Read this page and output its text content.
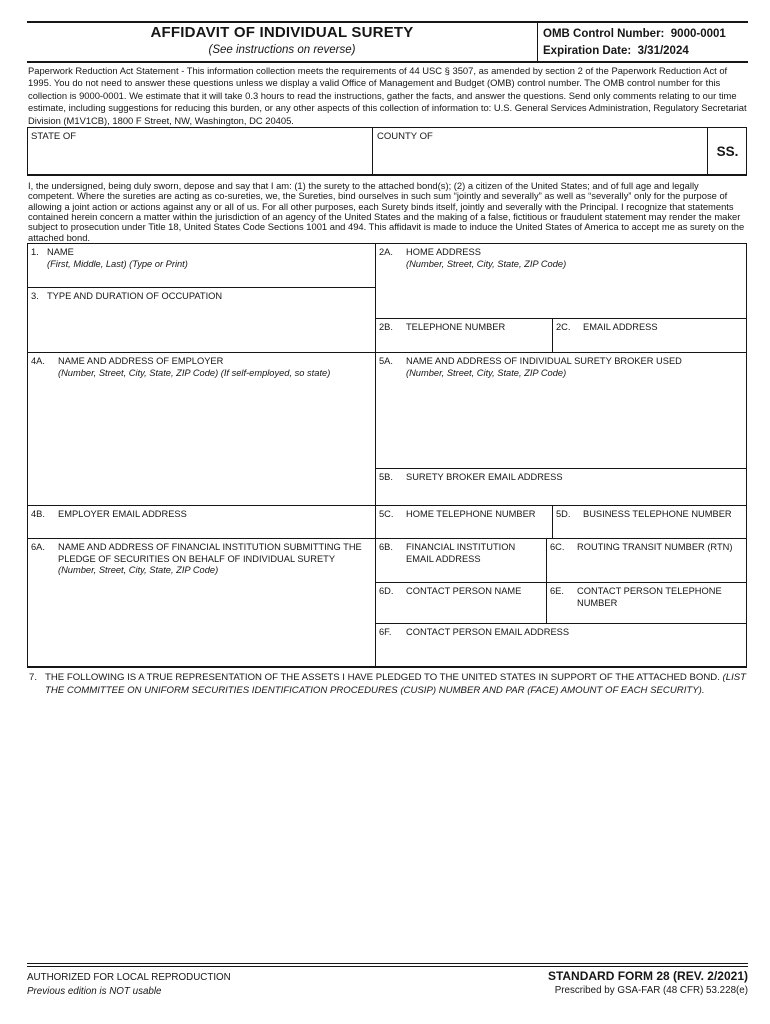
AFFIDAVIT OF INDIVIDUAL SURETY
(See instructions on reverse)
OMB Control Number: 9000-0001
Expiration Date: 3/31/2024
Paperwork Reduction Act Statement - This information collection meets the requirements of 44 USC § 3507, as amended by section 2 of the Paperwork Reduction Act of 1995. You do not need to answer these questions unless we display a valid Office of Management and Budget (OMB) control number. The OMB control number for this collection is 9000-0001. We estimate that it will take 0.3 hours to read the instructions, gather the facts, and answer the questions. Send only comments relating to our time estimate, including suggestions for reducing this burden, or any other aspects of this collection of information to: U.S. General Services Administration, Regulatory Secretariat Division (M1V1CB), 1800 F Street, NW, Washington, DC 20405.
STATE OF	COUNTY OF
SS.
I, the undersigned, being duly sworn, depose and say that I am: (1) the surety to the attached bond(s); (2) a citizen of the United States; and of full age and legally competent. Where the sureties are acting as co-sureties, we, the Sureties, bind ourselves in such sum “jointly and severally” as well as “severally” only for the purpose of allowing a joint action or actions against any or all of us. For all other purposes, each Surety binds itself, jointly and severally with the Principal. I recognize that statements contained herein concern a matter within the jurisdiction of an agency of the United States and the making of a false, fictitious or fraudulent statement may render the maker subject to prosecution under Title 18, United States Code Sections 1001 and 494. This affidavit is made to induce the United States of America to accept me as surety on the attached bond.
1. NAME
(First, Middle, Last) (Type or Print)
3. TYPE AND DURATION OF OCCUPATION
4A.	NAME AND ADDRESS OF EMPLOYER
(Number, Street, City, State, ZIP Code) (If self-employed, so state)
4B.	EMPLOYER EMAIL ADDRESS
6A.	NAME AND ADDRESS OF FINANCIAL INSTITUTION SUBMITTING THE PLEDGE OF SECURITIES ON BEHALF OF INDIVIDUAL SURETY
(Number, Street, City, State, ZIP Code)
2A.	HOME ADDRESS
(Number, Street, City, State, ZIP Code)
2B.	TELEPHONE NUMBER	2C.	EMAIL ADDRESS
5A.	NAME AND ADDRESS OF INDIVIDUAL SURETY BROKER USED
(Number, Street, City, State, ZIP Code)
5B.	SURETY BROKER EMAIL ADDRESS
5C.	HOME TELEPHONE NUMBER	5D.	BUSINESS TELEPHONE NUMBER
6B.	FINANCIAL INSTITUTION EMAIL ADDRESS
6C.	ROUTING TRANSIT NUMBER (RTN)
6D.	CONTACT PERSON NAME	6E.	CONTACT PERSON TELEPHONE NUMBER
6F.	CONTACT PERSON EMAIL ADDRESS
7. THE FOLLOWING IS A TRUE REPRESENTATION OF THE ASSETS I HAVE PLEDGED TO THE UNITED STATES IN SUPPORT OF THE ATTACHED BOND. (LIST THE COMMITTEE ON UNIFORM SECURITIES IDENTIFICATION PROCEDURES (CUSIP) NUMBER AND PAR (FACE) AMOUNT OF EACH SECURITY).
AUTHORIZED FOR LOCAL REPRODUCTION
Previous edition is NOT usable
STANDARD FORM 28 (REV. 2/2021)
Prescribed by GSA-FAR (48 CFR) 53.228(e)
